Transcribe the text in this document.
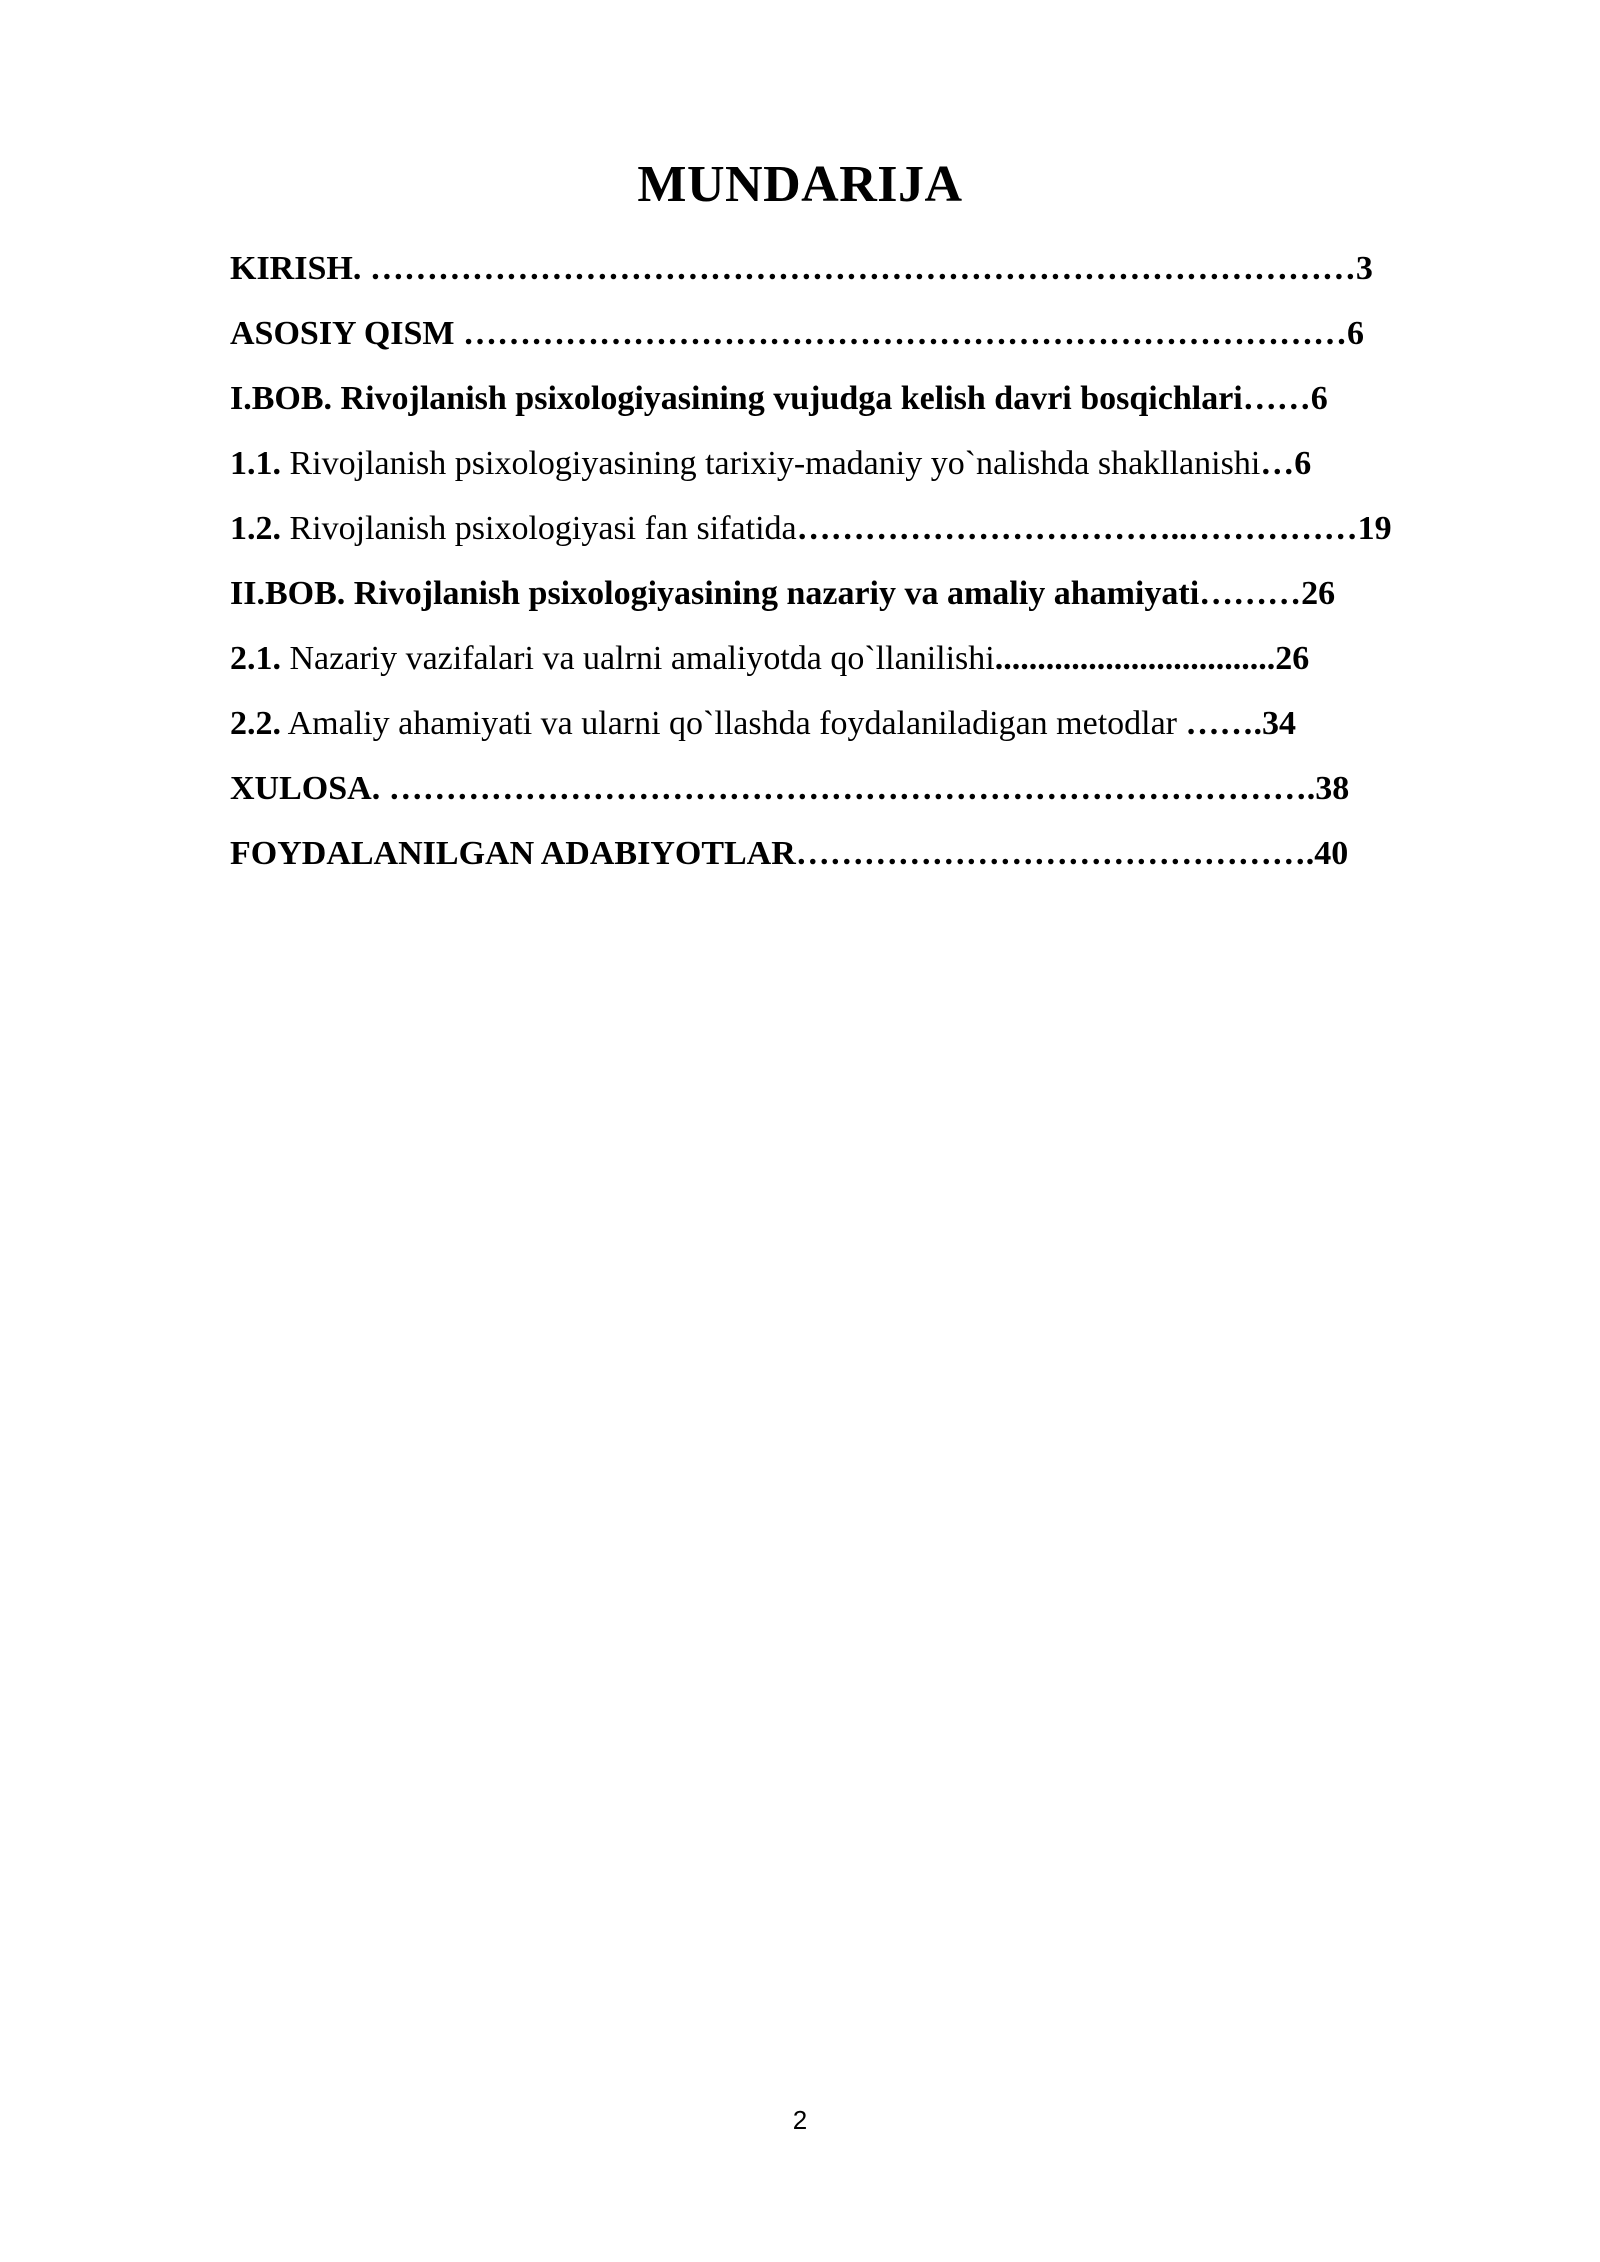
MUNDARIJA
KIRISH. ……………………………………………………………………………3
ASOSIY QISM ……………………………………………………………………6
I.BOB. Rivojlanish psixologiyasining vujudga kelish davri bosqichlari……6
1.1. Rivojlanish psixologiyasining tarixiy-madaniy yo`nalishda shakllanishi…6
1.2. Rivojlanish psixologiyasi fan sifatida……………………………..……………19
II.BOB. Rivojlanish psixologiyasining nazariy va amaliy ahamiyati………26
2.1. Nazariy vazifalari va ualrni amaliyotda qo`llanilishi.................................26
2.2. Amaliy ahamiyati va ularni qo`llashda foydalaniladigan metodlar …….34
XULOSA. ……………………………………………………………………….38
FOYDALANILGAN ADABIYOTLAR……………………………………….40
2
